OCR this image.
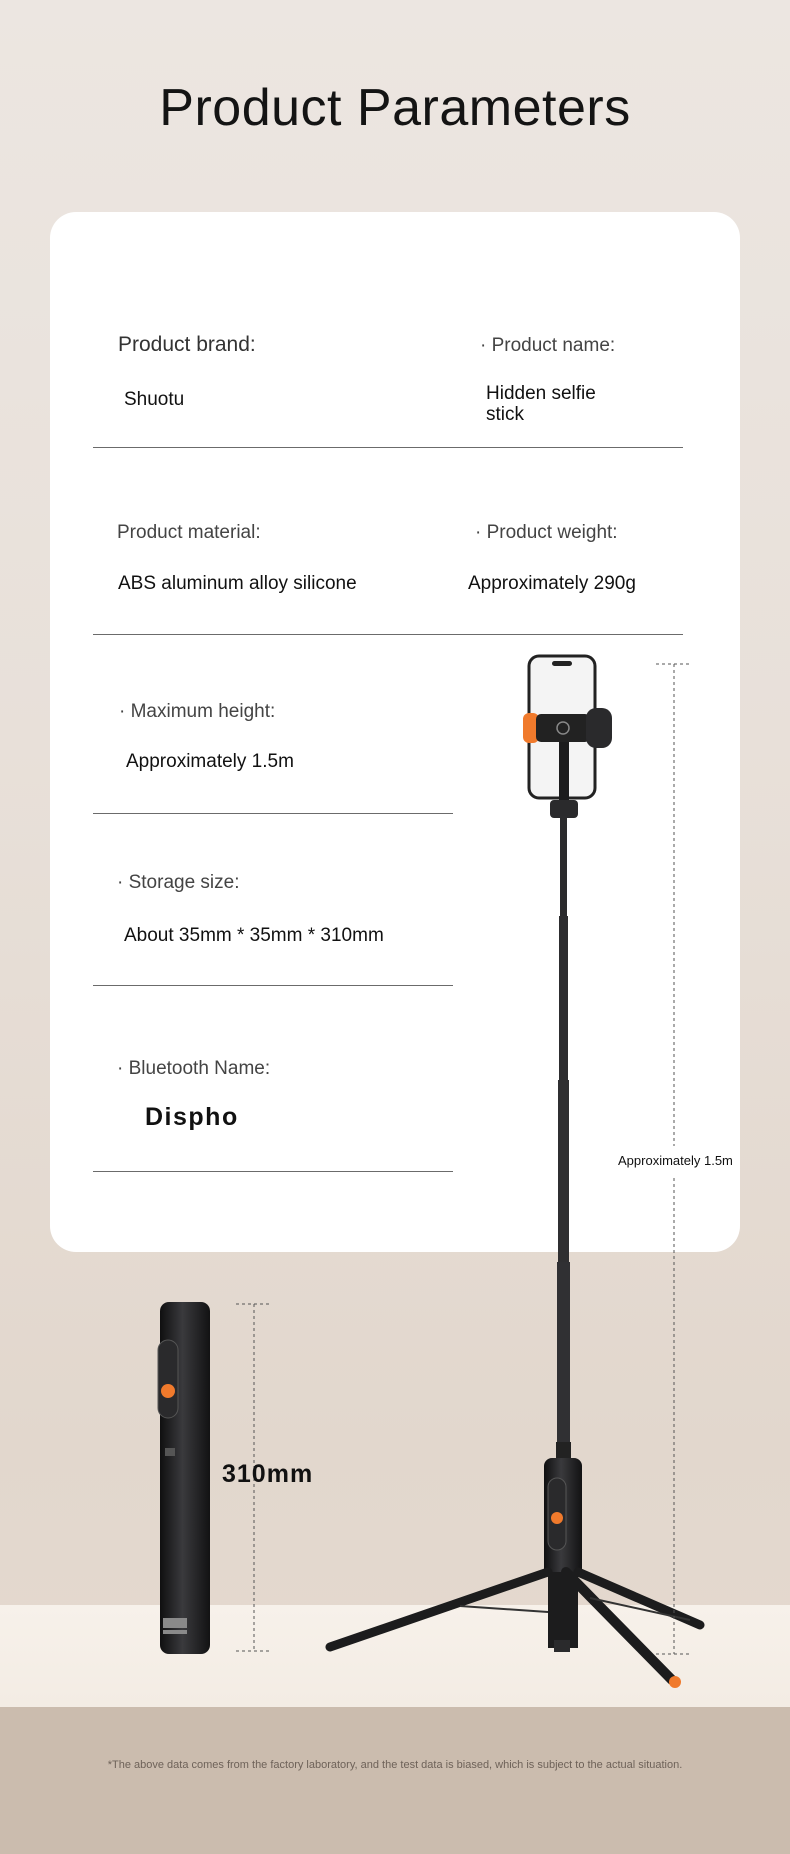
Product Parameters
Product brand:
Shuotu
· Product name:
Hidden selfie
stick
Product material:
ABS aluminum alloy silicone
· Product weight:
Approximately 290g
· Maximum height:
Approximately 1.5m
· Storage size:
About 35mm * 35mm * 310mm
· Bluetooth Name:
Dispho
*The above data comes from the factory laboratory, and the test data is biased, which is subject to the actual situation.
310mm
Approximately 1.5m
